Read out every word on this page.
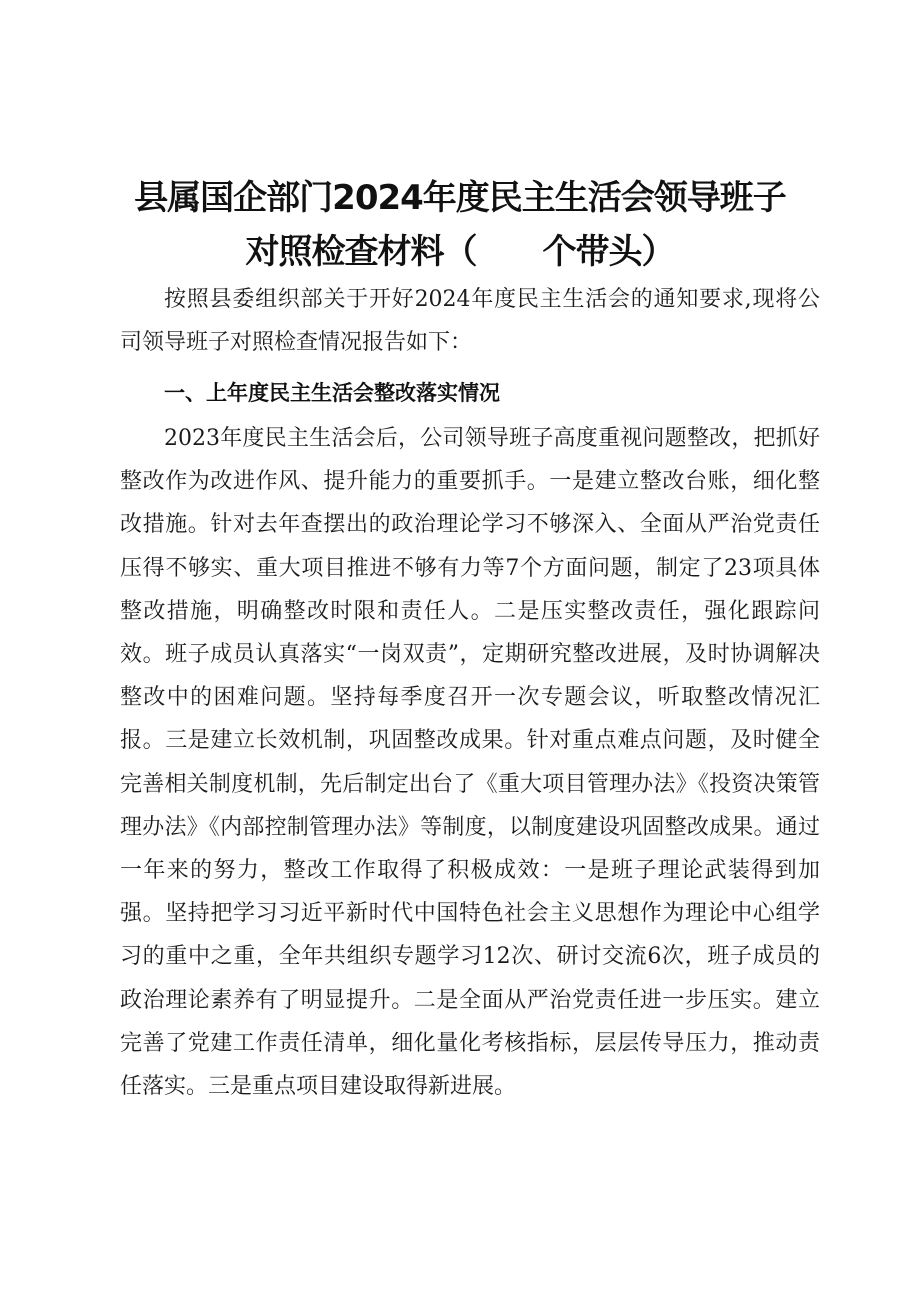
县属国企部门2024年度民主生活会领导班子
对照检查材料（　　个带头）

按照县委组织部关于开好2024年度民主生活会的通知要求,现将公司领导班子对照检查情况报告如下：

一、上年度民主生活会整改落实情况

2023年度民主生活会后，公司领导班子高度重视问题整改，把抓好整改作为改进作风、提升能力的重要抓手。一是建立整改台账，细化整改措施。针对去年查摆出的政治理论学习不够深入、全面从严治党责任压得不够实、重大项目推进不够有力等7个方面问题，制定了23项具体整改措施，明确整改时限和责任人。二是压实整改责任，强化跟踪问效。班子成员认真落实“一岗双责”，定期研究整改进展，及时协调解决整改中的困难问题。坚持每季度召开一次专题会议，听取整改情况汇报。三是建立长效机制，巩固整改成果。针对重点难点问题，及时健全完善相关制度机制，先后制定出台了《重大项目管理办法》《投资决策管理办法》《内部控制管理办法》等制度，以制度建设巩固整改成果。通过一年来的努力，整改工作取得了积极成效：一是班子理论武装得到加强。坚持把学习习近平新时代中国特色社会主义思想作为理论中心组学习的重中之重，全年共组织专题学习12次、研讨交流6次，班子成员的政治理论素养有了明显提升。二是全面从严治党责任进一步压实。建立完善了党建工作责任清单，细化量化考核指标，层层传导压力，推动责任落实。三是重点项目建设取得新进展。
